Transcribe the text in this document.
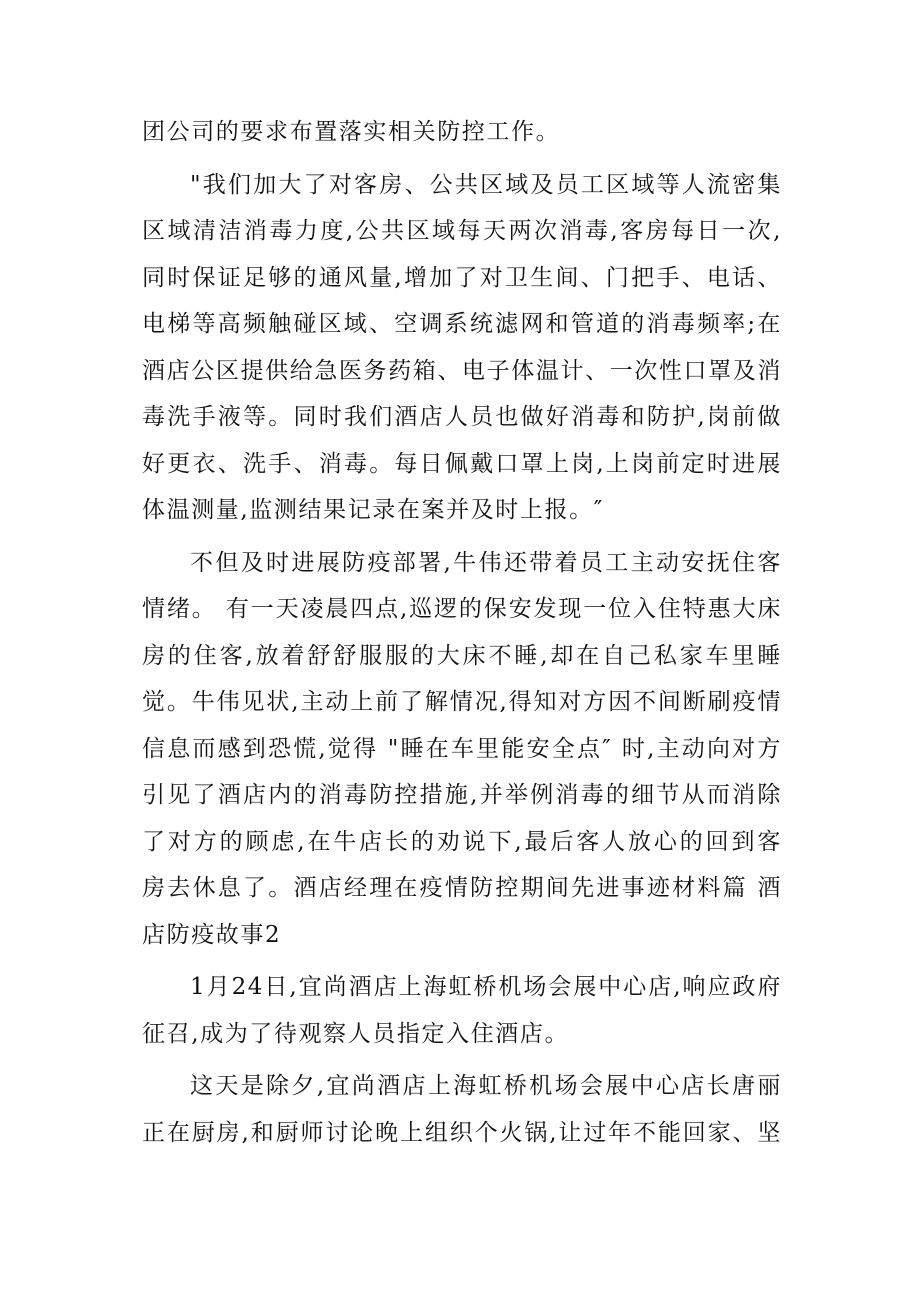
团公司的要求布置落实相关防控工作。
"我们加大了对客房、公共区域及员工区域等人流密集
区域清洁消毒力度,公共区域每天两次消毒,客房每日一次,
同时保证足够的通风量,增加了对卫生间、门把手、电话、
电梯等高频触碰区域、空调系统滤网和管道的消毒频率;在
酒店公区提供给急医务药箱、电子体温计、一次性口罩及消
毒洗手液等。同时我们酒店人员也做好消毒和防护,岗前做
好更衣、洗手、消毒。每日佩戴口罩上岗,上岗前定时进展
体温测量,监测结果记录在案并及时上报。″
不但及时进展防疫部署,牛伟还带着员工主动安抚住客
情绪。 有一天凌晨四点,巡逻的保安发现一位入住特惠大床
房的住客,放着舒舒服服的大床不睡,却在自己私家车里睡
觉。牛伟见状,主动上前了解情况,得知对方因不间断刷疫情
信息而感到恐慌,觉得 "睡在车里能安全点″ 时,主动向对方
引见了酒店内的消毒防控措施,并举例消毒的细节从而消除
了对方的顾虑,在牛店长的劝说下,最后客人放心的回到客
房去休息了。酒店经理在疫情防控期间先进事迹材料篇 酒
店防疫故事2
1月24日,宜尚酒店上海虹桥机场会展中心店,响应政府
征召,成为了待观察人员指定入住酒店。
这天是除夕,宜尚酒店上海虹桥机场会展中心店长唐丽
正在厨房,和厨师讨论晚上组织个火锅,让过年不能回家、坚
